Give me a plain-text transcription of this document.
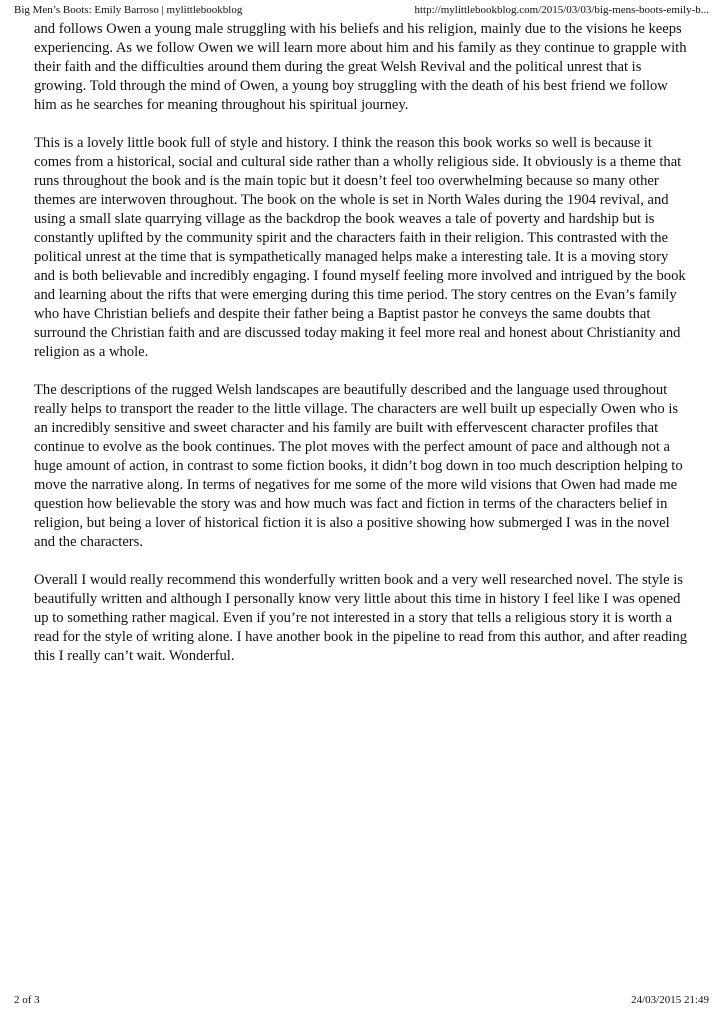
Big Men’s Boots: Emily Barroso | mylittlebookblog	http://mylittlebookblog.com/2015/03/03/big-mens-boots-emily-b...

and follows Owen a young male struggling with his beliefs and his religion, mainly due to the visions he keeps experiencing. As we follow Owen we will learn more about him and his family as they continue to grapple with their faith and the difficulties around them during the great Welsh Revival and the political unrest that is growing. Told through the mind of Owen, a young boy struggling with the death of his best friend we follow him as he searches for meaning throughout his spiritual journey.

This is a lovely little book full of style and history. I think the reason this book works so well is because it comes from a historical, social and cultural side rather than a wholly religious side. It obviously is a theme that runs throughout the book and is the main topic but it doesn’t feel too overwhelming because so many other themes are interwoven throughout. The book on the whole is set in North Wales during the 1904 revival, and using a small slate quarrying village as the backdrop the book weaves a tale of poverty and hardship but is constantly uplifted by the community spirit and the characters faith in their religion. This contrasted with the political unrest at the time that is sympathetically managed helps make a interesting tale. It is a moving story and is both believable and incredibly engaging. I found myself feeling more involved and intrigued by the book and learning about the rifts that were emerging during this time period. The story centres on the Evan’s family who have Christian beliefs and despite their father being a Baptist pastor he conveys the same doubts that surround the Christian faith and are discussed today making it feel more real and honest about Christianity and religion as a whole.

The descriptions of the rugged Welsh landscapes are beautifully described and the language used throughout really helps to transport the reader to the little village. The characters are well built up especially Owen who is an incredibly sensitive and sweet character and his family are built with effervescent character profiles that continue to evolve as the book continues. The plot moves with the perfect amount of pace and although not a huge amount of action, in contrast to some fiction books, it didn’t bog down in too much description helping to move the narrative along. In terms of negatives for me some of the more wild visions that Owen had made me question how believable the story was and how much was fact and fiction in terms of the characters belief in religion, but being a lover of historical fiction it is also a positive showing how submerged I was in the novel and the characters.

Overall I would really recommend this wonderfully written book and a very well researched novel. The style is beautifully written and although I personally know very little about this time in history I feel like I was opened up to something rather magical. Even if you’re not interested in a story that tells a religious story it is worth a read for the style of writing alone. I have another book in the pipeline to read from this author, and after reading this I really can’t wait. Wonderful.

2 of 3	24/03/2015 21:49
